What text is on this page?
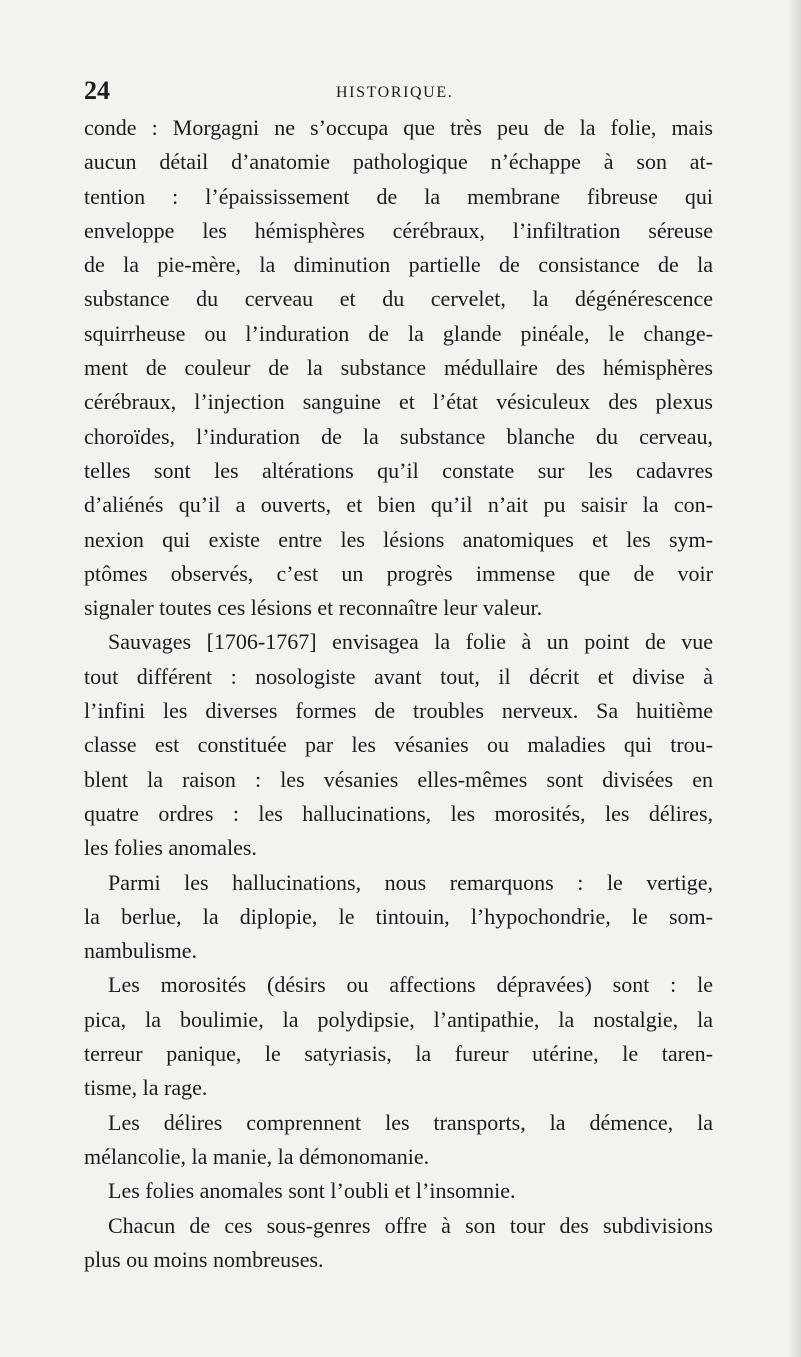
24	HISTORIQUE.
conde : Morgagni ne s’occupa que très peu de la folie, mais
aucun détail d’anatomie pathologique n’échappe à son at-
tention : l’épaississement de la membrane fibreuse qui
enveloppe les hémisphères cérébraux, l’infiltration séreuse
de la pie-mère, la diminution partielle de consistance de la
substance du cerveau et du cervelet, la dégénérescence
squirrheuse ou l’induration de la glande pinéale, le change-
ment de couleur de la substance médullaire des hémisphères
cérébraux, l’injection sanguine et l’état vésiculeux des plexus
choroïdes, l’induration de la substance blanche du cerveau,
telles sont les altérations qu’il constate sur les cadavres
d’aliénés qu’il a ouverts, et bien qu’il n’ait pu saisir la con-
nexion qui existe entre les lésions anatomiques et les sym-
ptômes observés, c’est un progrès immense que de voir
signaler toutes ces lésions et reconnaître leur valeur.
Sauvages [1706-1767] envisagea la folie à un point de vue
tout différent : nosologiste avant tout, il décrit et divise à
l’infini les diverses formes de troubles nerveux. Sa huitième
classe est constituée par les vésanies ou maladies qui trou-
blent la raison : les vésanies elles-mêmes sont divisées en
quatre ordres : les hallucinations, les morosités, les délires,
les folies anomales.
Parmi les hallucinations, nous remarquons : le vertige,
la berlue, la diplopie, le tintouin, l’hypochondrie, le som-
nambulisme.
Les morosités (désirs ou affections dépravées) sont : le
pica, la boulimie, la polydipsie, l’antipathie, la nostalgie, la
terreur panique, le satyriasis, la fureur utérine, le taren-
tisme, la rage.
Les délires comprennent les transports, la démence, la
mélancolie, la manie, la démonomanie.
Les folies anomales sont l’oubli et l’insomnie.
Chacun de ces sous-genres offre à son tour des subdivisions
plus ou moins nombreuses.
